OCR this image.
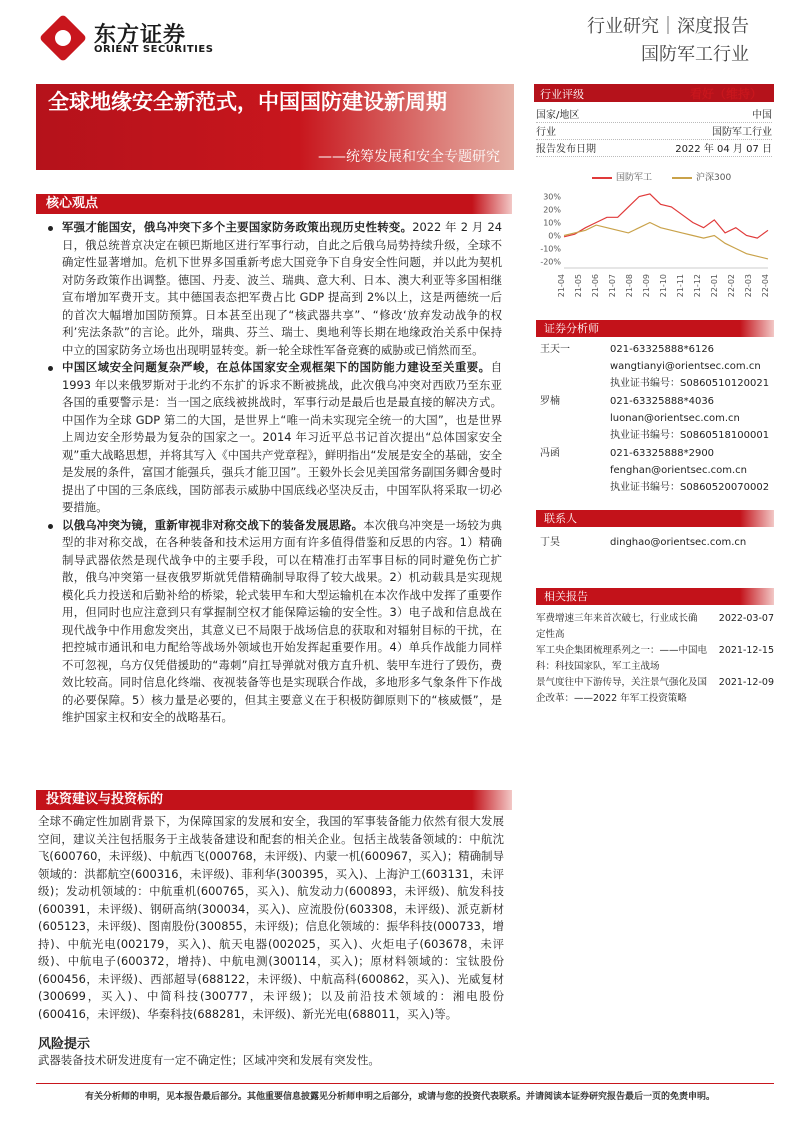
东方证券
ORIENT SECURITIES
行业研究｜深度报告
国防军工行业
全球地缘安全新范式，中国国防建设新周期
——统筹发展和安全专题研究
行业评级	看好（维持）
国家/地区	中国
行业	国防军工行业
报告发布日期	2022 年 04 月 07 日
国防军工	沪深300
30%
20%
10%
0%
-10%
-20%
21-04 21-05 21-06 21-07 21-08 21-09 21-10 21-11 21-12 22-01 22-02 22-03 22-04
核心观点
军强才能国安，俄乌冲突下多个主要国家防务政策出现历史性转变。2022 年 2 月 24 日，俄总统普京决定在顿巴斯地区进行军事行动，自此之后俄乌局势持续升级，全球不确定性显著增加。危机下世界多国重新考虑大国竞争下自身安全性问题，并以此为契机对防务政策作出调整。德国、丹麦、波兰、瑞典、意大利、日本、澳大利亚等多国相继宣布增加军费开支。其中德国表态把军费占比 GDP 提高到 2%以上，这是两德统一后的首次大幅增加国防预算。日本甚至出现了“核武器共享”、“修改‘放弃发动战争的权利’宪法条款”的言论。此外，瑞典、芬兰、瑞士、奥地利等长期在地缘政治关系中保持中立的国家防务立场也出现明显转变。新一轮全球性军备竞赛的威胁或已悄然而至。
中国区域安全问题复杂严峻，在总体国家安全观框架下的国防能力建设至关重要。自 1993 年以来俄罗斯对于北约不东扩的诉求不断被挑战，此次俄乌冲突对西欧乃至东亚各国的重要警示是：当一国之底线被挑战时，军事行动是最后也是最直接的解决方式。中国作为全球 GDP 第二的大国，是世界上“唯一尚未实现完全统一的大国”，也是世界上周边安全形势最为复杂的国家之一。2014 年习近平总书记首次提出“总体国家安全观”重大战略思想，并将其写入《中国共产党章程》，鲜明指出“发展是安全的基础，安全是发展的条件，富国才能强兵，强兵才能卫国”。王毅外长会见美国常务副国务卿舍曼时提出了中国的三条底线，国防部表示威胁中国底线必坚决反击，中国军队将采取一切必要措施。
以俄乌冲突为镜，重新审视非对称交战下的装备发展思路。本次俄乌冲突是一场较为典型的非对称交战，在各种装备和技术运用方面有许多值得借鉴和反思的内容。1）精确制导武器依然是现代战争中的主要手段，可以在精准打击军事目标的同时避免伤亡扩散，俄乌冲突第一昼夜俄罗斯就凭借精确制导取得了较大战果。2）机动载具是实现规模化兵力投送和后勤补给的桥梁，轮式装甲车和大型运输机在本次作战中发挥了重要作用，但同时也应注意到只有掌握制空权才能保障运输的安全性。3）电子战和信息战在现代战争中作用愈发突出，其意义已不局限于战场信息的获取和对辐射目标的干扰，在把控城市通讯和电力配给等战场外领域也开始发挥起重要作用。4）单兵作战能力同样不可忽视，乌方仅凭借援助的“毒刺”肩扛导弹就对俄方直升机、装甲车进行了毁伤，费效比较高。同时信息化终端、夜视装备等也是实现联合作战，多地形多气象条件下作战的必要保障。5）核力量是必要的，但其主要意义在于积极防御原则下的“核威慑”，是维护国家主权和安全的战略基石。
投资建议与投资标的
全球不确定性加剧背景下，为保障国家的发展和安全，我国的军事装备能力依然有很大发展空间，建议关注包括服务于主战装备建设和配套的相关企业。包括主战装备领域的：中航沈飞(600760，未评级)、中航西飞(000768，未评级)、内蒙一机(600967，买入)；精确制导领域的：洪都航空(600316，未评级)、菲利华(300395，买入)、上海沪工(603131，未评级)；发动机领域的：中航重机(600765，买入)、航发动力(600893，未评级)、航发科技(600391，未评级)、钢研高纳(300034，买入)、应流股份(603308，未评级)、派克新材(605123，未评级)、图南股份(300855，未评级)；信息化领域的：振华科技(000733，增持)、中航光电(002179，买入)、航天电器(002025，买入)、火炬电子(603678，未评级)、中航电子(600372，增持)、中航电测(300114，买入)；原材料领域的：宝钛股份(600456，未评级)、西部超导(688122，未评级)、中航高科(600862，买入)、光威复材(300699，买入)、中简科技(300777，未评级)；以及前沿技术领域的：湘电股份(600416，未评级)、华秦科技(688281，未评级)、新光光电(688011，买入)等。
风险提示
武器装备技术研发进度有一定不确定性；区域冲突和发展有突发性。
证券分析师
王天一	021-63325888*6126
wangtianyi@orientsec.com.cn
执业证书编号：S0860510120021
罗楠	021-63325888*4036
luonan@orientsec.com.cn
执业证书编号：S0860518100001
冯函	021-63325888*2900
fenghan@orientsec.com.cn
执业证书编号：S0860520070002
联系人
丁昊	dinghao@orientsec.com.cn
相关报告
军费增速三年来首次破七，行业成长确定性高
2022-03-07
军工央企集团梳理系列之一：——中国电科：科技国家队，军工主战场
2021-12-15
景气度往中下游传导，关注景气强化及国企改革：——2022 年军工投资策略
2021-12-09
有关分析师的申明，见本报告最后部分。其他重要信息披露见分析师申明之后部分，或请与您的投资代表联系。并请阅读本证券研究报告最后一页的免责申明。
